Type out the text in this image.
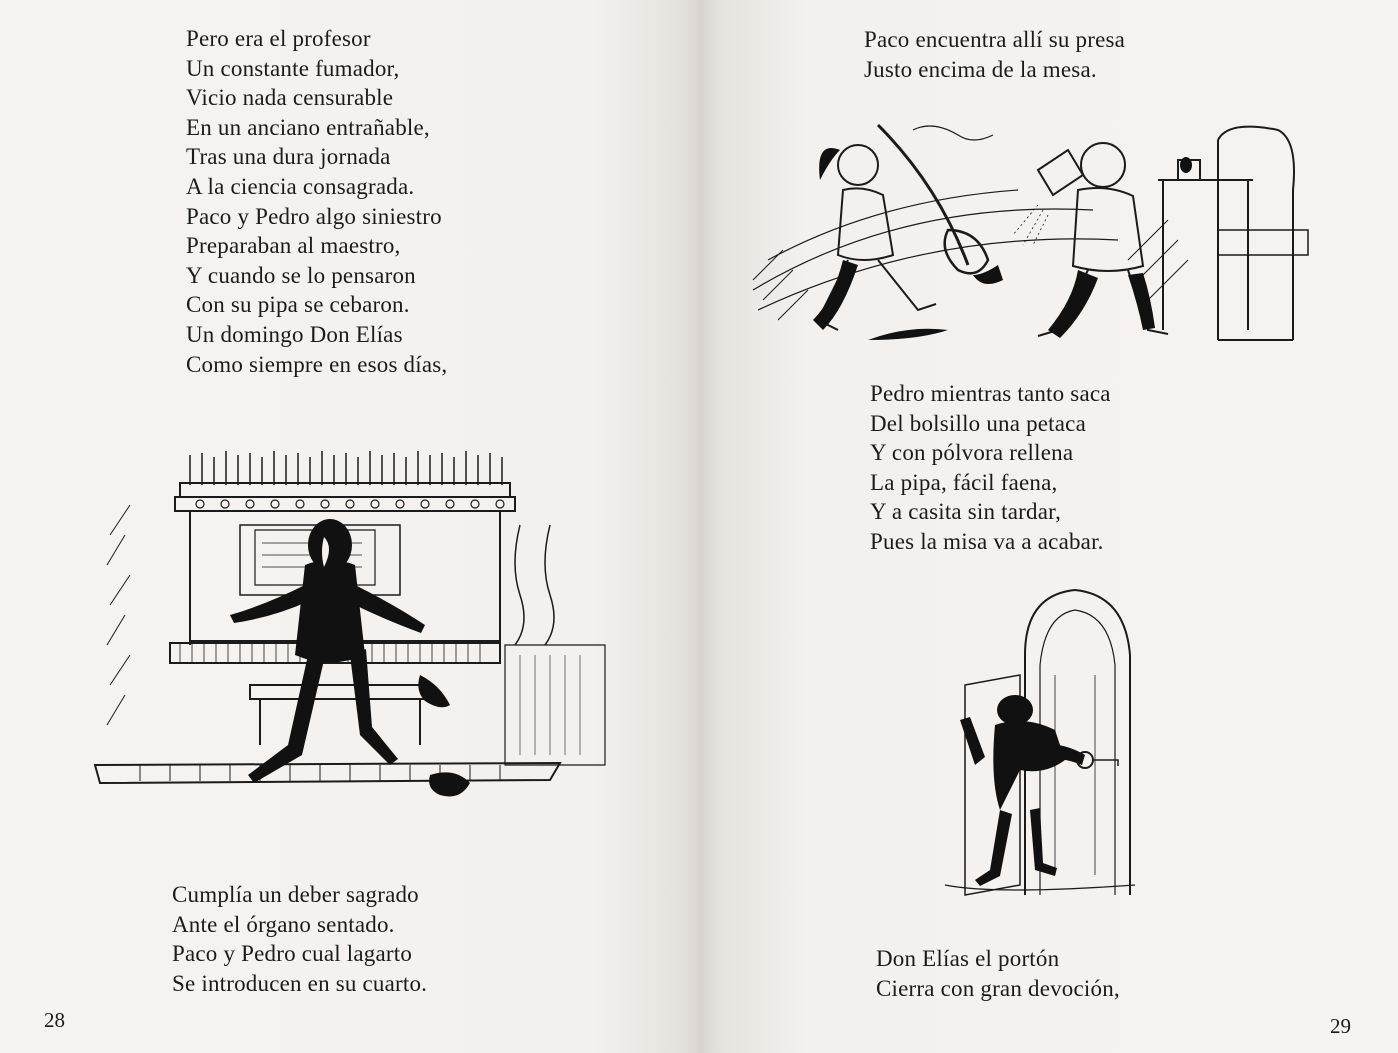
Pero era el profesor
Un constante fumador,
Vicio nada censurable
En un anciano entrañable,
Tras una dura jornada
A la ciencia consagrada.
Paco y Pedro algo siniestro
Preparaban al maestro,
Y cuando se lo pensaron
Con su pipa se cebaron.
Un domingo Don Elías
Como siempre en esos días,
Cumplía un deber sagrado
Ante el órgano sentado.
Paco y Pedro cual lagarto
Se introducen en su cuarto.
28
Paco encuentra allí su presa
Justo encima de la mesa.
Pedro mientras tanto saca
Del bolsillo una petaca
Y con pólvora rellena
La pipa, fácil faena,
Y a casita sin tardar,
Pues la misa va a acabar.
Don Elías el portón
Cierra con gran devoción,
29
